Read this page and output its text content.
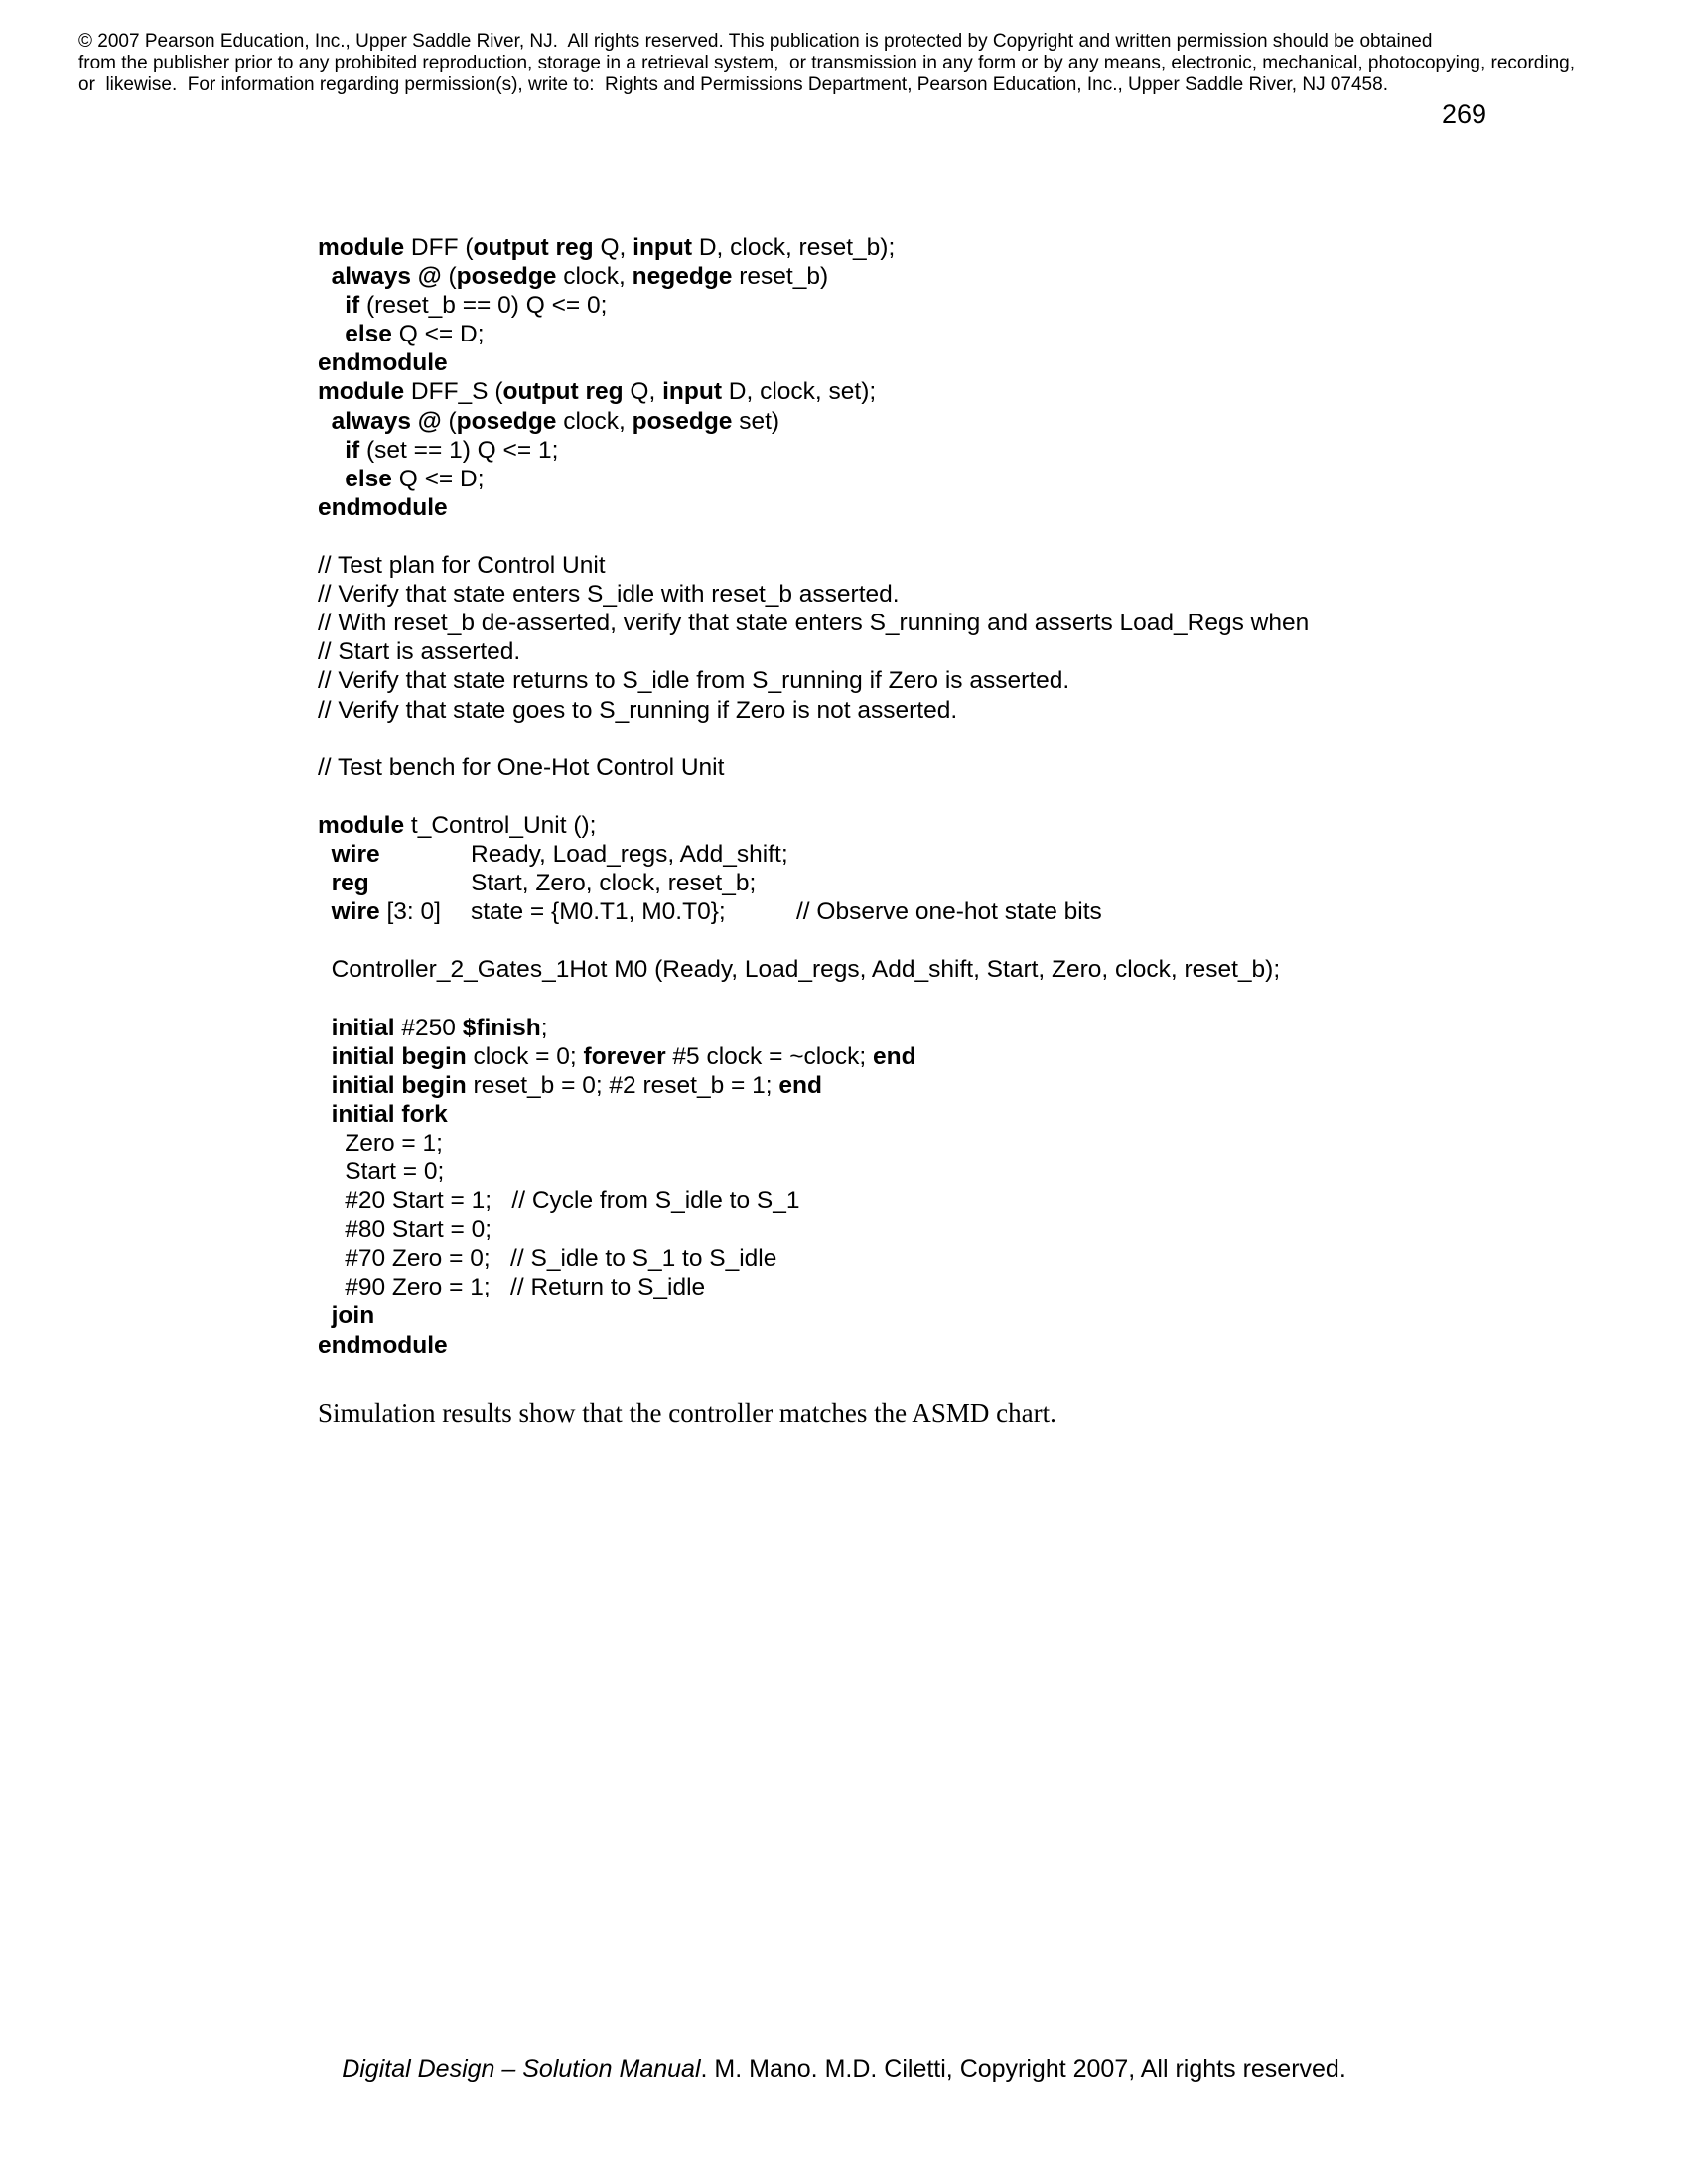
© 2007 Pearson Education, Inc., Upper Saddle River, NJ.  All rights reserved. This publication is protected by Copyright and written permission should be obtained
from the publisher prior to any prohibited reproduction, storage in a retrieval system,  or transmission in any form or by any means, electronic, mechanical, photocopying, recording,
or  likewise.  For information regarding permission(s), write to:  Rights and Permissions Department, Pearson Education, Inc., Upper Saddle River, NJ 07458.
269
module DFF (output reg Q, input D, clock, reset_b);
always @ (posedge clock, negedge reset_b)
if (reset_b == 0) Q <= 0;
else Q <= D;
endmodule
module DFF_S (output reg Q, input D, clock, set);
always @ (posedge clock, posedge set)
if (set == 1) Q <= 1;
else Q <= D;
endmodule
// Test plan for Control Unit
// Verify that state enters S_idle with reset_b asserted.
// With reset_b de-asserted, verify that state enters S_running and asserts Load_Regs when
// Start is asserted.
// Verify that state returns to S_idle from S_running if Zero is asserted.
// Verify that state goes to S_running if Zero is not asserted.
// Test bench for One-Hot Control Unit
module t_Control_Unit ();
wire	Ready, Load_regs, Add_shift;
reg	Start, Zero, clock, reset_b;
wire [3: 0] state = {M0.T1, M0.T0};	// Observe one-hot state bits
Controller_2_Gates_1Hot M0 (Ready, Load_regs, Add_shift, Start, Zero, clock, reset_b);
initial #250 $finish;
initial begin clock = 0; forever #5 clock = ~clock; end
initial begin reset_b = 0; #2 reset_b = 1; end
initial fork
Zero = 1;
Start = 0;
#20 Start = 1;   // Cycle from S_idle to S_1
#80 Start = 0;
#70 Zero = 0;   // S_idle to S_1 to S_idle
#90 Zero = 1;   // Return to S_idle
join
endmodule
Simulation results show that the controller matches the ASMD chart.
Digital Design – Solution Manual. M. Mano. M.D. Ciletti, Copyright 2007, All rights reserved.
